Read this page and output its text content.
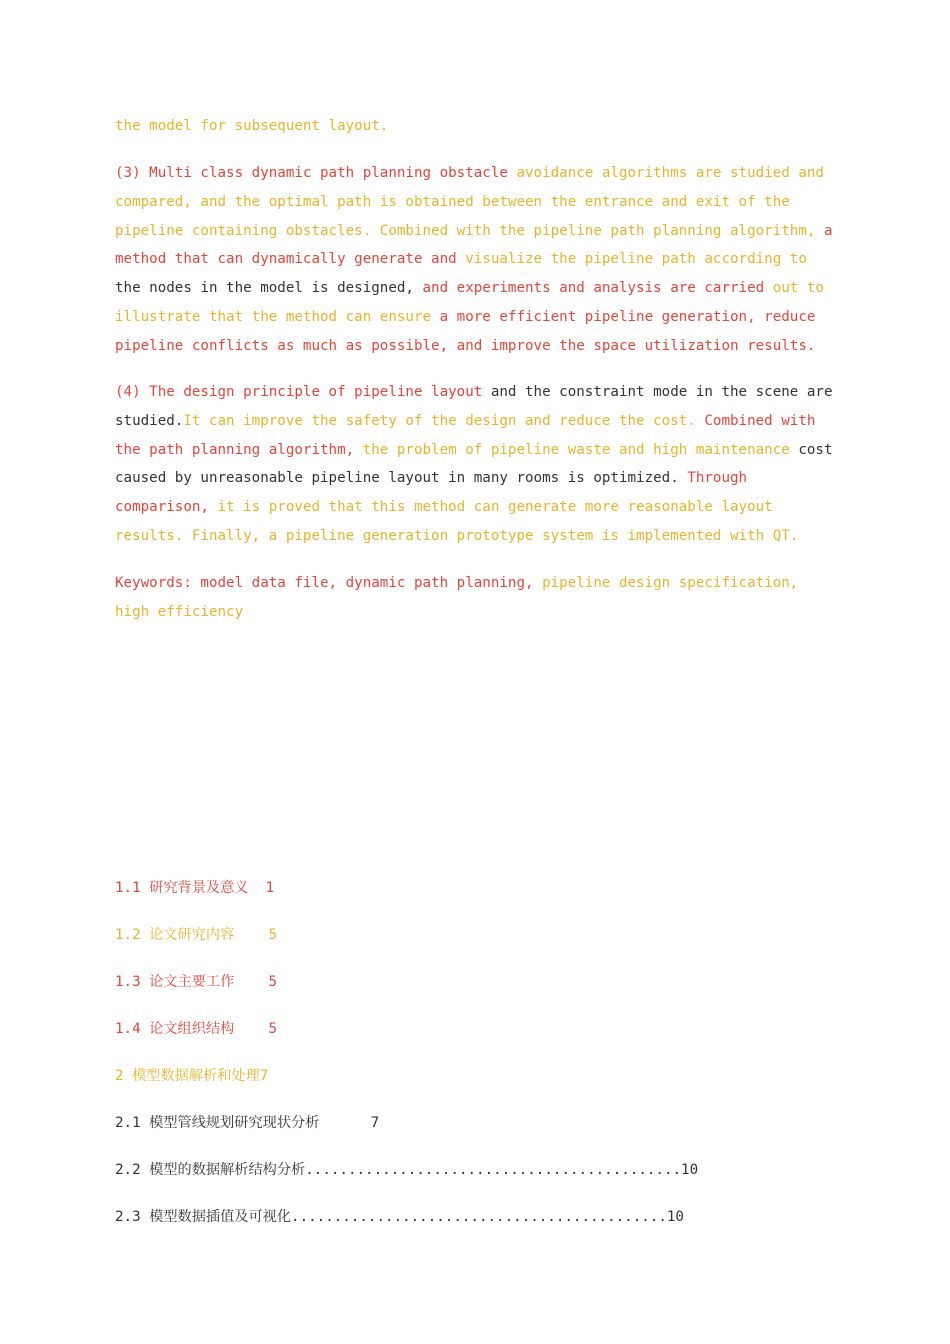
the model for subsequent layout.

(3) Multi class dynamic path planning obstacle avoidance algorithms are studied and compared, and the optimal path is obtained between the entrance and exit of the pipeline containing obstacles. Combined with the pipeline path planning algorithm, a method that can dynamically generate and visualize the pipeline path according to the nodes in the model is designed, and experiments and analysis are carried out to illustrate that the method can ensure a more efficient pipeline generation, reduce pipeline conflicts as much as possible, and improve the space utilization results.

(4) The design principle of pipeline layout and the constraint mode in the scene are studied.It can improve the safety of the design and reduce the cost. Combined with the path planning algorithm, the problem of pipeline waste and high maintenance cost caused by unreasonable pipeline layout in many rooms is optimized. Through comparison, it is proved that this method can generate more reasonable layout results. Finally, a pipeline generation prototype system is implemented with QT.

Keywords: model data file, dynamic path planning, pipeline design specification, high efficiency

1.1 研究背景及意义  1
1.2 论文研究内容    5
1.3 论文主要工作    5
1.4 论文组织结构    5
2 模型数据解析和处理7
2.1 模型管线规划研究现状分析      7
2.2 模型的数据解析结构分析............................................10
2.3 模型数据插值及可视化............................................10
